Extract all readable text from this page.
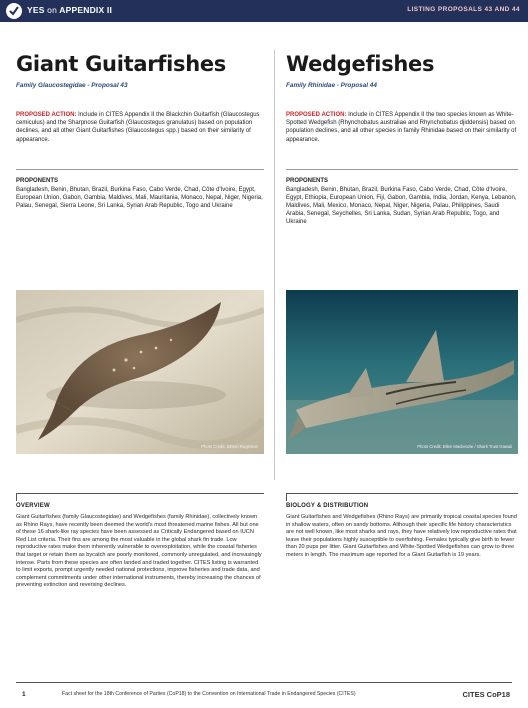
YES on APPENDIX II	LISTING PROPOSALS 43 AND 44
Giant Guitarfishes
Family Glaucostegidae - Proposal 43
PROPOSED ACTION: Include in CITES Appendix II the Blackchin Guitarfish (Glaucostegus cemiculus) and the Sharpnose Guitarfish (Glaucostegus granulatus) based on population declines, and all other Giant Guitarfishes (Glaucostegus spp.) based on their similarity of appearance.
PROPONENTS
Bangladesh, Benin, Bhutan, Brazil, Burkina Faso, Cabo Verde, Chad, Côte d'Ivoire, Egypt, European Union, Gabon, Gambia, Maldives, Mali, Mauritania, Monaco, Nepal, Niger, Nigeria, Palau, Senegal, Sierra Leone, Sri Lanka, Syrian Arab Republic, Togo and Ukraine
Wedgefishes
Family Rhinidae - Proposal 44
PROPOSED ACTION: Include in CITES Appendix II the two species known as White-Spotted Wedgefish (Rhynchobatus australiae and Rhynchobatus djiddensis) based on population declines, and all other species in family Rhinidae based on their similarity of appearance.
PROPONENTS
Bangladesh, Benin, Bhutan, Brazil, Burkina Faso, Cabo Verde, Chad, Côte d'Ivoire, Egypt, Ethiopia, European Union, Fiji, Gabon, Gambia, India, Jordan, Kenya, Lebanon, Maldives, Mali, Mexico, Monaco, Nepal, Niger, Nigeria, Palau, Philippines, Saudi Arabia, Senegal, Seychelles, Sri Lanka, Sudan, Syrian Arab Republic, Togo, and Ukraine
Photo Credit: Simon Rogerson	Photo Credit: Ellen Mackenzie / Shark Trust Hawaii
OVERVIEW
Giant Guitarfishes (family Glaucostegidae) and Wedgefishes (family Rhinidae), collectively known as Rhino Rays, have recently been deemed the world's most threatened marine fishes. All but one of these 16 shark-like ray species have been assessed as Critically Endangered based on IUCN Red List criteria. Their fins are among the most valuable in the global shark fin trade. Low reproductive rates make them inherently vulnerable to overexploitation, while the coastal fisheries that target or retain them as bycatch are poorly monitored, commonly unregulated, and increasingly intense. Parts from these species are often landed and traded together. CITES listing is warranted to limit exports, prompt urgently needed national protections, improve fisheries and trade data, and complement commitments under other international instruments, thereby increasing the chances of preventing extinction and reversing declines.
BIOLOGY & DISTRIBUTION
Giant Guitarfishes and Wedgefishes (Rhino Rays) are primarily tropical coastal species found in shallow waters, often on sandy bottoms. Although their specific life history characteristics are not well known, like most sharks and rays, they have relatively low reproductive rates that leave their populations highly susceptible to overfishing. Females typically give birth to fewer than 20 pups per litter. Giant Guitarfishes and White-Spotted Wedgefishes can grow to three meters in length. The maximum age reported for a Giant Guitarfish is 19 years.
1	Fact sheet for the 18th Conference of Parties (CoP18) to the Convention on International Trade in Endangered Species (CITES)	CITES CoP18
